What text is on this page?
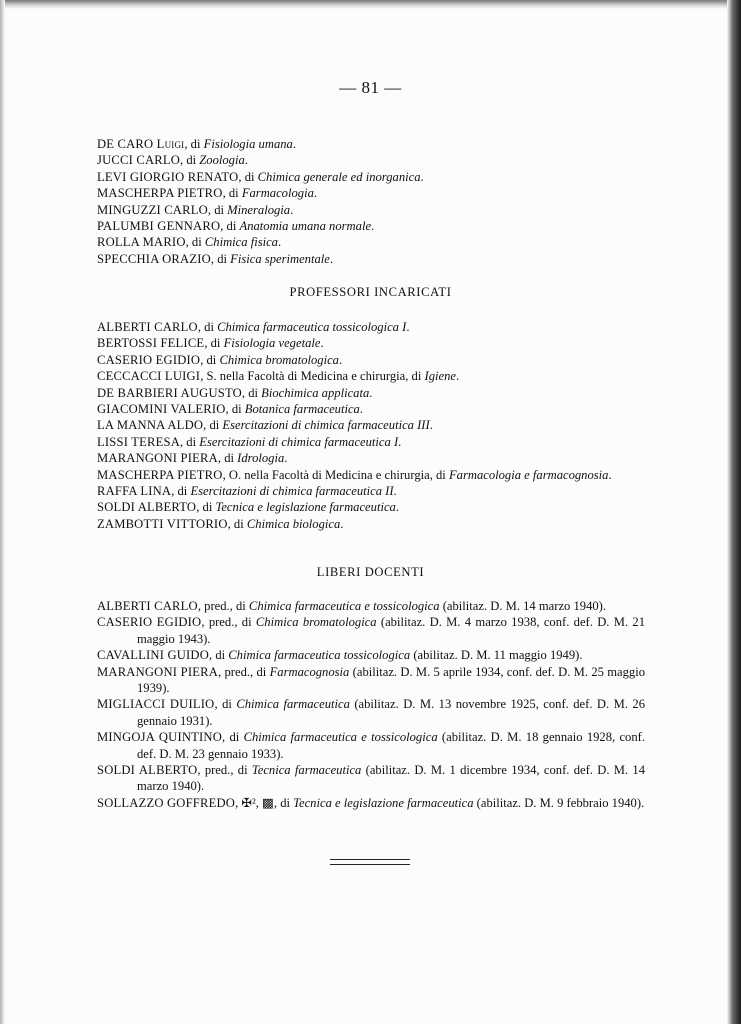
— 81 —

DE CARO Luigi, di Fisiologia umana.

JUCCI CARLO, di Zoologia.

LEVI GIORGIO RENATO, di Chimica generale ed inorganica.

MASCHERPA PIETRO, di Farmacologia.

MINGUZZI CARLO, di Mineralogia.

PALUMBI GENNARO, di Anatomia umana normale.

ROLLA MARIO, di Chimica fisica.

SPECCHIA ORAZIO, di Fisica sperimentale.

PROFESSORI INCARICATI

ALBERTI CARLO, di Chimica farmaceutica tossicologica I.

BERTOSSI FELICE, di Fisiologia vegetale.

CASERIO EGIDIO, di Chimica bromatologica.

CECCACCI LUIGI, S. nella Facoltà di Medicina e chirurgia, di Igiene.

DE BARBIERI AUGUSTO, di Biochimica applicata.

GIACOMINI VALERIO, di Botanica farmaceutica.

LA MANNA ALDO, di Esercitazioni di chimica farmaceutica III.

LISSI TERESA, di Esercitazioni di chimica farmaceutica I.

MARANGONI PIERA, di Idrologia.

MASCHERPA PIETRO, O. nella Facoltà di Medicina e chirurgia, di Farmacologia e farmacognosia.

RAFFA LINA, di Esercitazioni di chimica farmaceutica II.

SOLDI ALBERTO, di Tecnica e legislazione farmaceutica.

ZAMBOTTI VITTORIO, di Chimica biologica.

LIBERI DOCENTI

ALBERTI CARLO, pred., di Chimica farmaceutica e tossicologica (abilitaz. D. M. 14 marzo 1940).

CASERIO EGIDIO, pred., di Chimica bromatologica (abilitaz. D. M. 4 marzo 1938, conf. def. D. M. 21 maggio 1943).

CAVALLINI GUIDO, di Chimica farmaceutica tossicologica (abilitaz. D. M. 11 maggio 1949).

MARANGONI PIERA, pred., di Farmacognosia (abilitaz. D. M. 5 aprile 1934, conf. def. D. M. 25 maggio 1939).

MIGLIACCI DUILIO, di Chimica farmaceutica (abilitaz. D. M. 13 novembre 1925, conf. def. D. M. 26 gennaio 1931).

MINGOJA QUINTINO, di Chimica farmaceutica e tossicologica (abilitaz. D. M. 18 gennaio 1928, conf. def. D. M. 23 gennaio 1933).

SOLDI ALBERTO, pred., di Tecnica farmaceutica (abilitaz. D. M. 1 dicembre 1934, conf. def. D. M. 14 marzo 1940).

SOLLAZZO GOFFREDO, ✠², ▩, di Tecnica e legislazione farmaceutica (abilitaz. D. M. 9 febbraio 1940).
